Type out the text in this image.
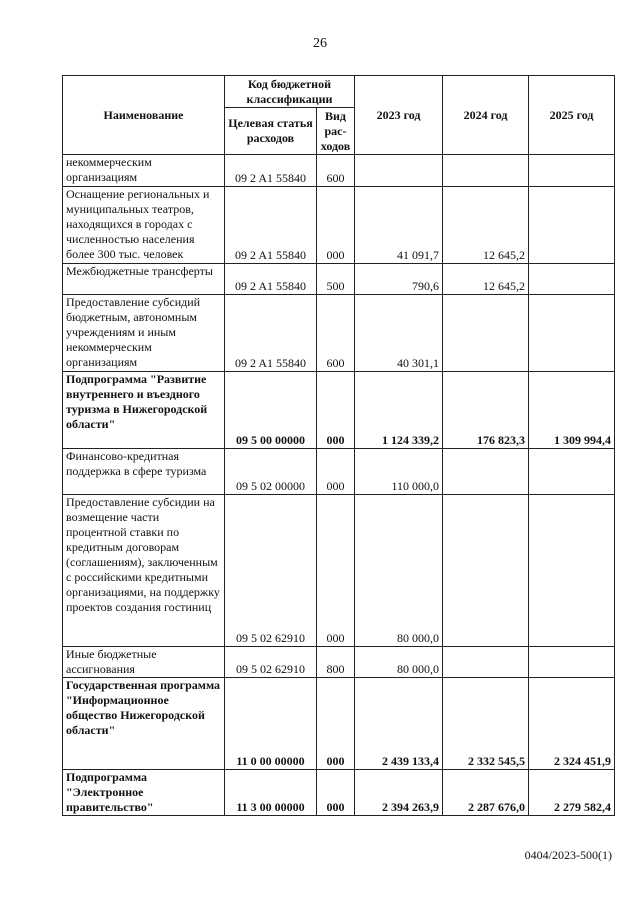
26
Наименование	Код бюджетной классификации		2023 год	2024 год	2025 год
	Целевая статья расходов	Вид рас-ходов			
некоммерческим организациям	09 2 A1 55840	600			
Оснащение региональных и муниципальных театров, находящихся в городах с численностью населения более 300 тыс. человек	09 2 A1 55840	000	41 091,7	12 645,2	
Межбюджетные трансферты	09 2 A1 55840	500	790,6	12 645,2	
Предоставление субсидий бюджетным, автономным учреждениям и иным некоммерческим организациям	09 2 A1 55840	600	40 301,1		
Подпрограмма "Развитие внутреннего и въездного туризма в Нижегородской области"	09 5 00 00000	000	1 124 339,2	176 823,3	1 309 994,4
Финансово-кредитная поддержка в сфере туризма	09 5 02 00000	000	110 000,0		
Предоставление субсидии на возмещение части процентной ставки по кредитным договорам (соглашениям), заключенным с российскими кредитными организациями, на поддержку проектов создания гостиниц	09 5 02 62910	000	80 000,0		
Иные бюджетные ассигнования	09 5 02 62910	800	80 000,0		
Государственная программа "Информационное общество Нижегородской области"	11 0 00 00000	000	2 439 133,4	2 332 545,5	2 324 451,9
Подпрограмма "Электронное правительство"	11 3 00 00000	000	2 394 263,9	2 287 676,0	2 279 582,4
0404/2023-500(1)
